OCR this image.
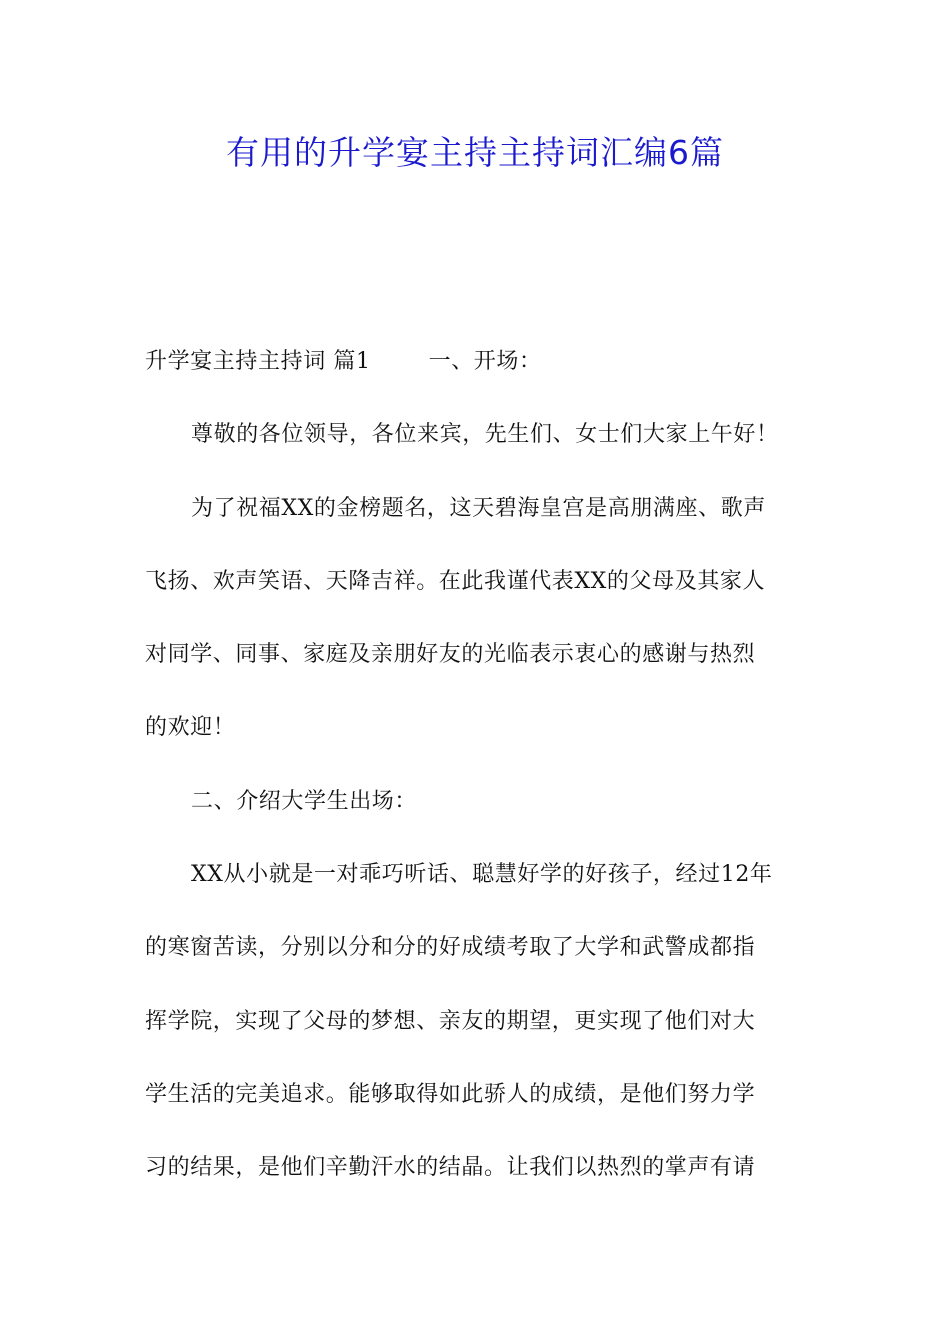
有用的升学宴主持主持词汇编6篇
升学宴主持主持词 篇1	一、开场：
尊敬的各位领导，各位来宾，先生们、女士们大家上午好！
为了祝福XX的金榜题名，这天碧海皇宫是高朋满座、歌声
飞扬、欢声笑语、天降吉祥。在此我谨代表XX的父母及其家人
对同学、同事、家庭及亲朋好友的光临表示衷心的感谢与热烈
的欢迎！
二、介绍大学生出场：
XX从小就是一对乖巧听话、聪慧好学的好孩子，经过12年
的寒窗苦读，分别以分和分的好成绩考取了大学和武警成都指
挥学院，实现了父母的梦想、亲友的期望，更实现了他们对大
学生活的完美追求。能够取得如此骄人的成绩，是他们努力学
习的结果，是他们辛勤汗水的结晶。让我们以热烈的掌声有请
